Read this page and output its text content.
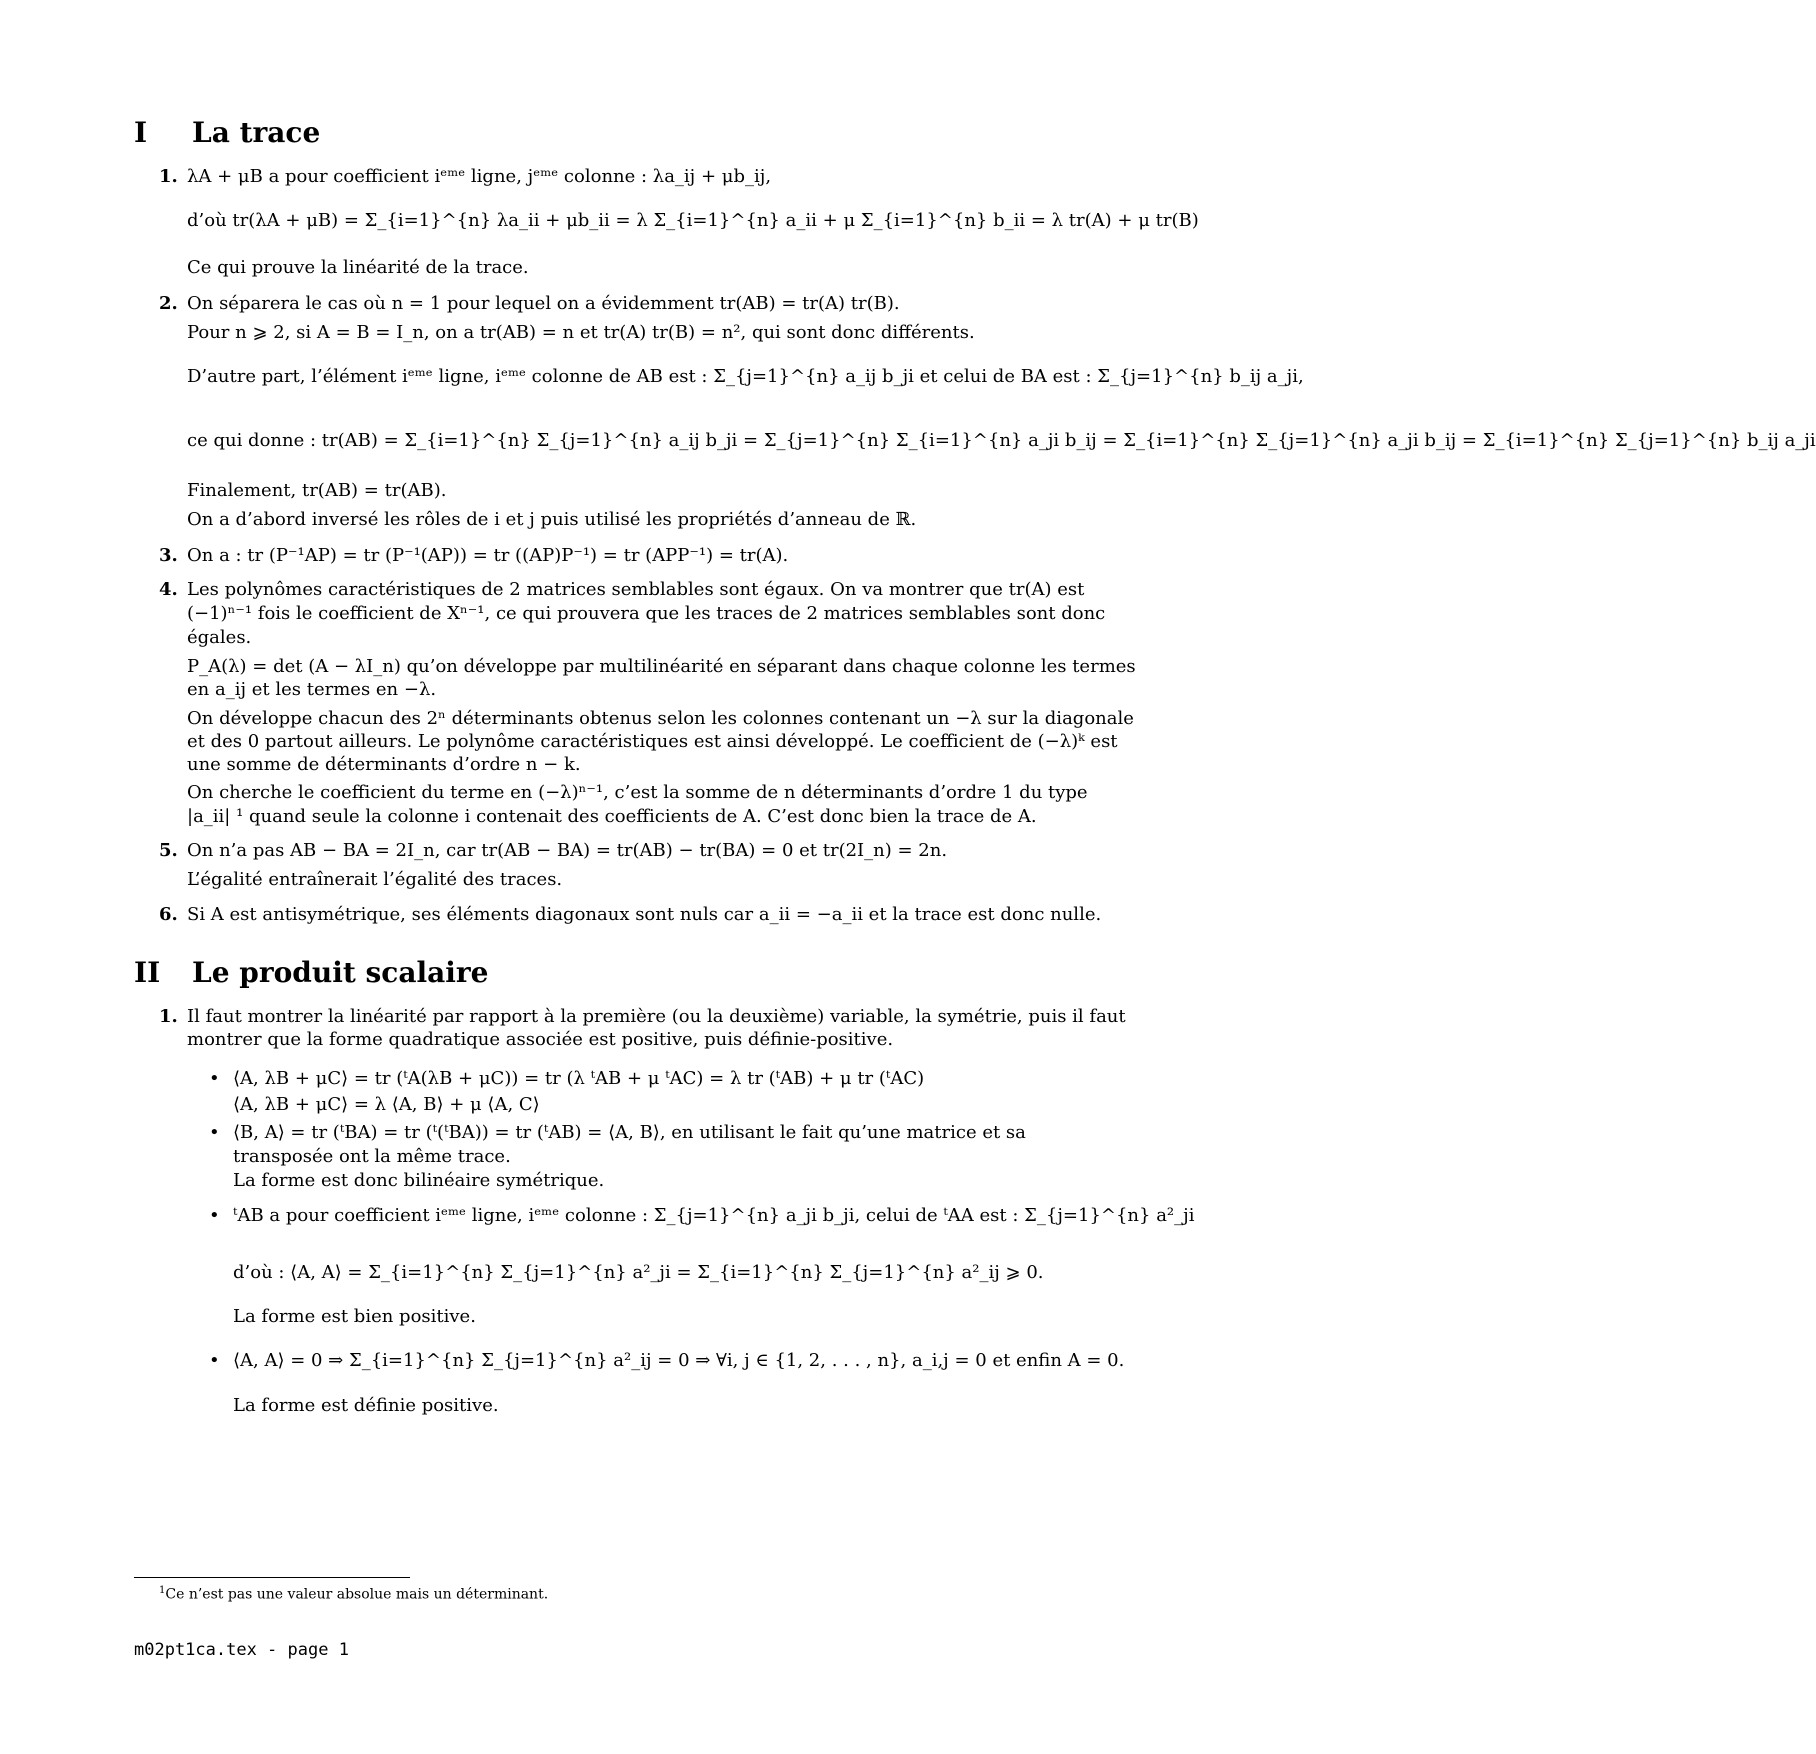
I La trace
1. λA + μB a pour coefficient iᵉᵐᵉ ligne, jᵉᵐᵉ colonne : λa_ij + μb_ij,
d’où tr(λA + μB) = Σ_{i=1}^{n} λa_ii + μb_ii = λ Σ_{i=1}^{n} a_ii + μ Σ_{i=1}^{n} b_ii = λ tr(A) + μ tr(B)
Ce qui prouve la linéarité de la trace.
2. On séparera le cas où n = 1 pour lequel on a évidemment tr(AB) = tr(A) tr(B).
Pour n ⩾ 2, si A = B = I_n, on a tr(AB) = n et tr(A) tr(B) = n², qui sont donc différents.
D’autre part, l’élément iᵉᵐᵉ ligne, iᵉᵐᵉ colonne de AB est : Σ_{j=1}^{n} a_ij b_ji et celui de BA est : Σ_{j=1}^{n} b_ij a_ji,
ce qui donne : tr(AB) = Σ_{i=1}^{n} Σ_{j=1}^{n} a_ij b_ji = Σ_{j=1}^{n} Σ_{i=1}^{n} a_ji b_ij = Σ_{i=1}^{n} Σ_{j=1}^{n} a_ji b_ij = Σ_{i=1}^{n} Σ_{j=1}^{n} b_ij a_ji
Finalement, tr(AB) = tr(AB).
On a d’abord inversé les rôles de i et j puis utilisé les propriétés d’anneau de ℝ.
3. On a : tr (P⁻¹AP) = tr (P⁻¹(AP)) = tr ((AP)P⁻¹) = tr (APP⁻¹) = tr(A).
4. Les polynômes caractéristiques de 2 matrices semblables sont égaux. On va montrer que tr(A) est
(−1)ⁿ⁻¹ fois le coefficient de Xⁿ⁻¹, ce qui prouvera que les traces de 2 matrices semblables sont donc
égales.
P_A(λ) = det (A − λI_n) qu’on développe par multilinéarité en séparant dans chaque colonne les termes
en a_ij et les termes en −λ.
On développe chacun des 2ⁿ déterminants obtenus selon les colonnes contenant un −λ sur la diagonale
et des 0 partout ailleurs. Le polynôme caractéristiques est ainsi développé. Le coefficient de (−λ)ᵏ est
une somme de déterminants d’ordre n − k.
On cherche le coefficient du terme en (−λ)ⁿ⁻¹, c’est la somme de n déterminants d’ordre 1 du type
|a_ii| ¹ quand seule la colonne i contenait des coefficients de A. C’est donc bien la trace de A.
5. On n’a pas AB − BA = 2I_n, car tr(AB − BA) = tr(AB) − tr(BA) = 0 et tr(2I_n) = 2n.
L’égalité entraînerait l’égalité des traces.
6. Si A est antisymétrique, ses éléments diagonaux sont nuls car a_ii = −a_ii et la trace est donc nulle.
II Le produit scalaire
1. Il faut montrer la linéarité par rapport à la première (ou la deuxième) variable, la symétrie, puis il faut
montrer que la forme quadratique associée est positive, puis définie-positive.
• ⟨A, λB + μC⟩ = tr (ᵗA(λB + μC)) = tr (λ ᵗAB + μ ᵗAC) = λ tr (ᵗAB) + μ tr (ᵗAC)
⟨A, λB + μC⟩ = λ ⟨A, B⟩ + μ ⟨A, C⟩
• ⟨B, A⟩ = tr (ᵗBA) = tr (ᵗ(ᵗBA)) = tr (ᵗAB) = ⟨A, B⟩, en utilisant le fait qu’une matrice et sa
transposée ont la même trace.
La forme est donc bilinéaire symétrique.
• ᵗAB a pour coefficient iᵉᵐᵉ ligne, iᵉᵐᵉ colonne : Σ_{j=1}^{n} a_ji b_ji, celui de ᵗAA est : Σ_{j=1}^{n} a²_ji
d’où : ⟨A, A⟩ = Σ_{i=1}^{n} Σ_{j=1}^{n} a²_ji = Σ_{i=1}^{n} Σ_{j=1}^{n} a²_ij ⩾ 0.
La forme est bien positive.
• ⟨A, A⟩ = 0 ⇒ Σ_{i=1}^{n} Σ_{j=1}^{n} a²_ij = 0 ⇒ ∀i, j ∈ {1, 2, . . . , n}, a_i,j = 0 et enfin A = 0.
La forme est définie positive.
$^1$Ce n’est pas une valeur absolue mais un déterminant.
m02pt1ca.tex - page 1
